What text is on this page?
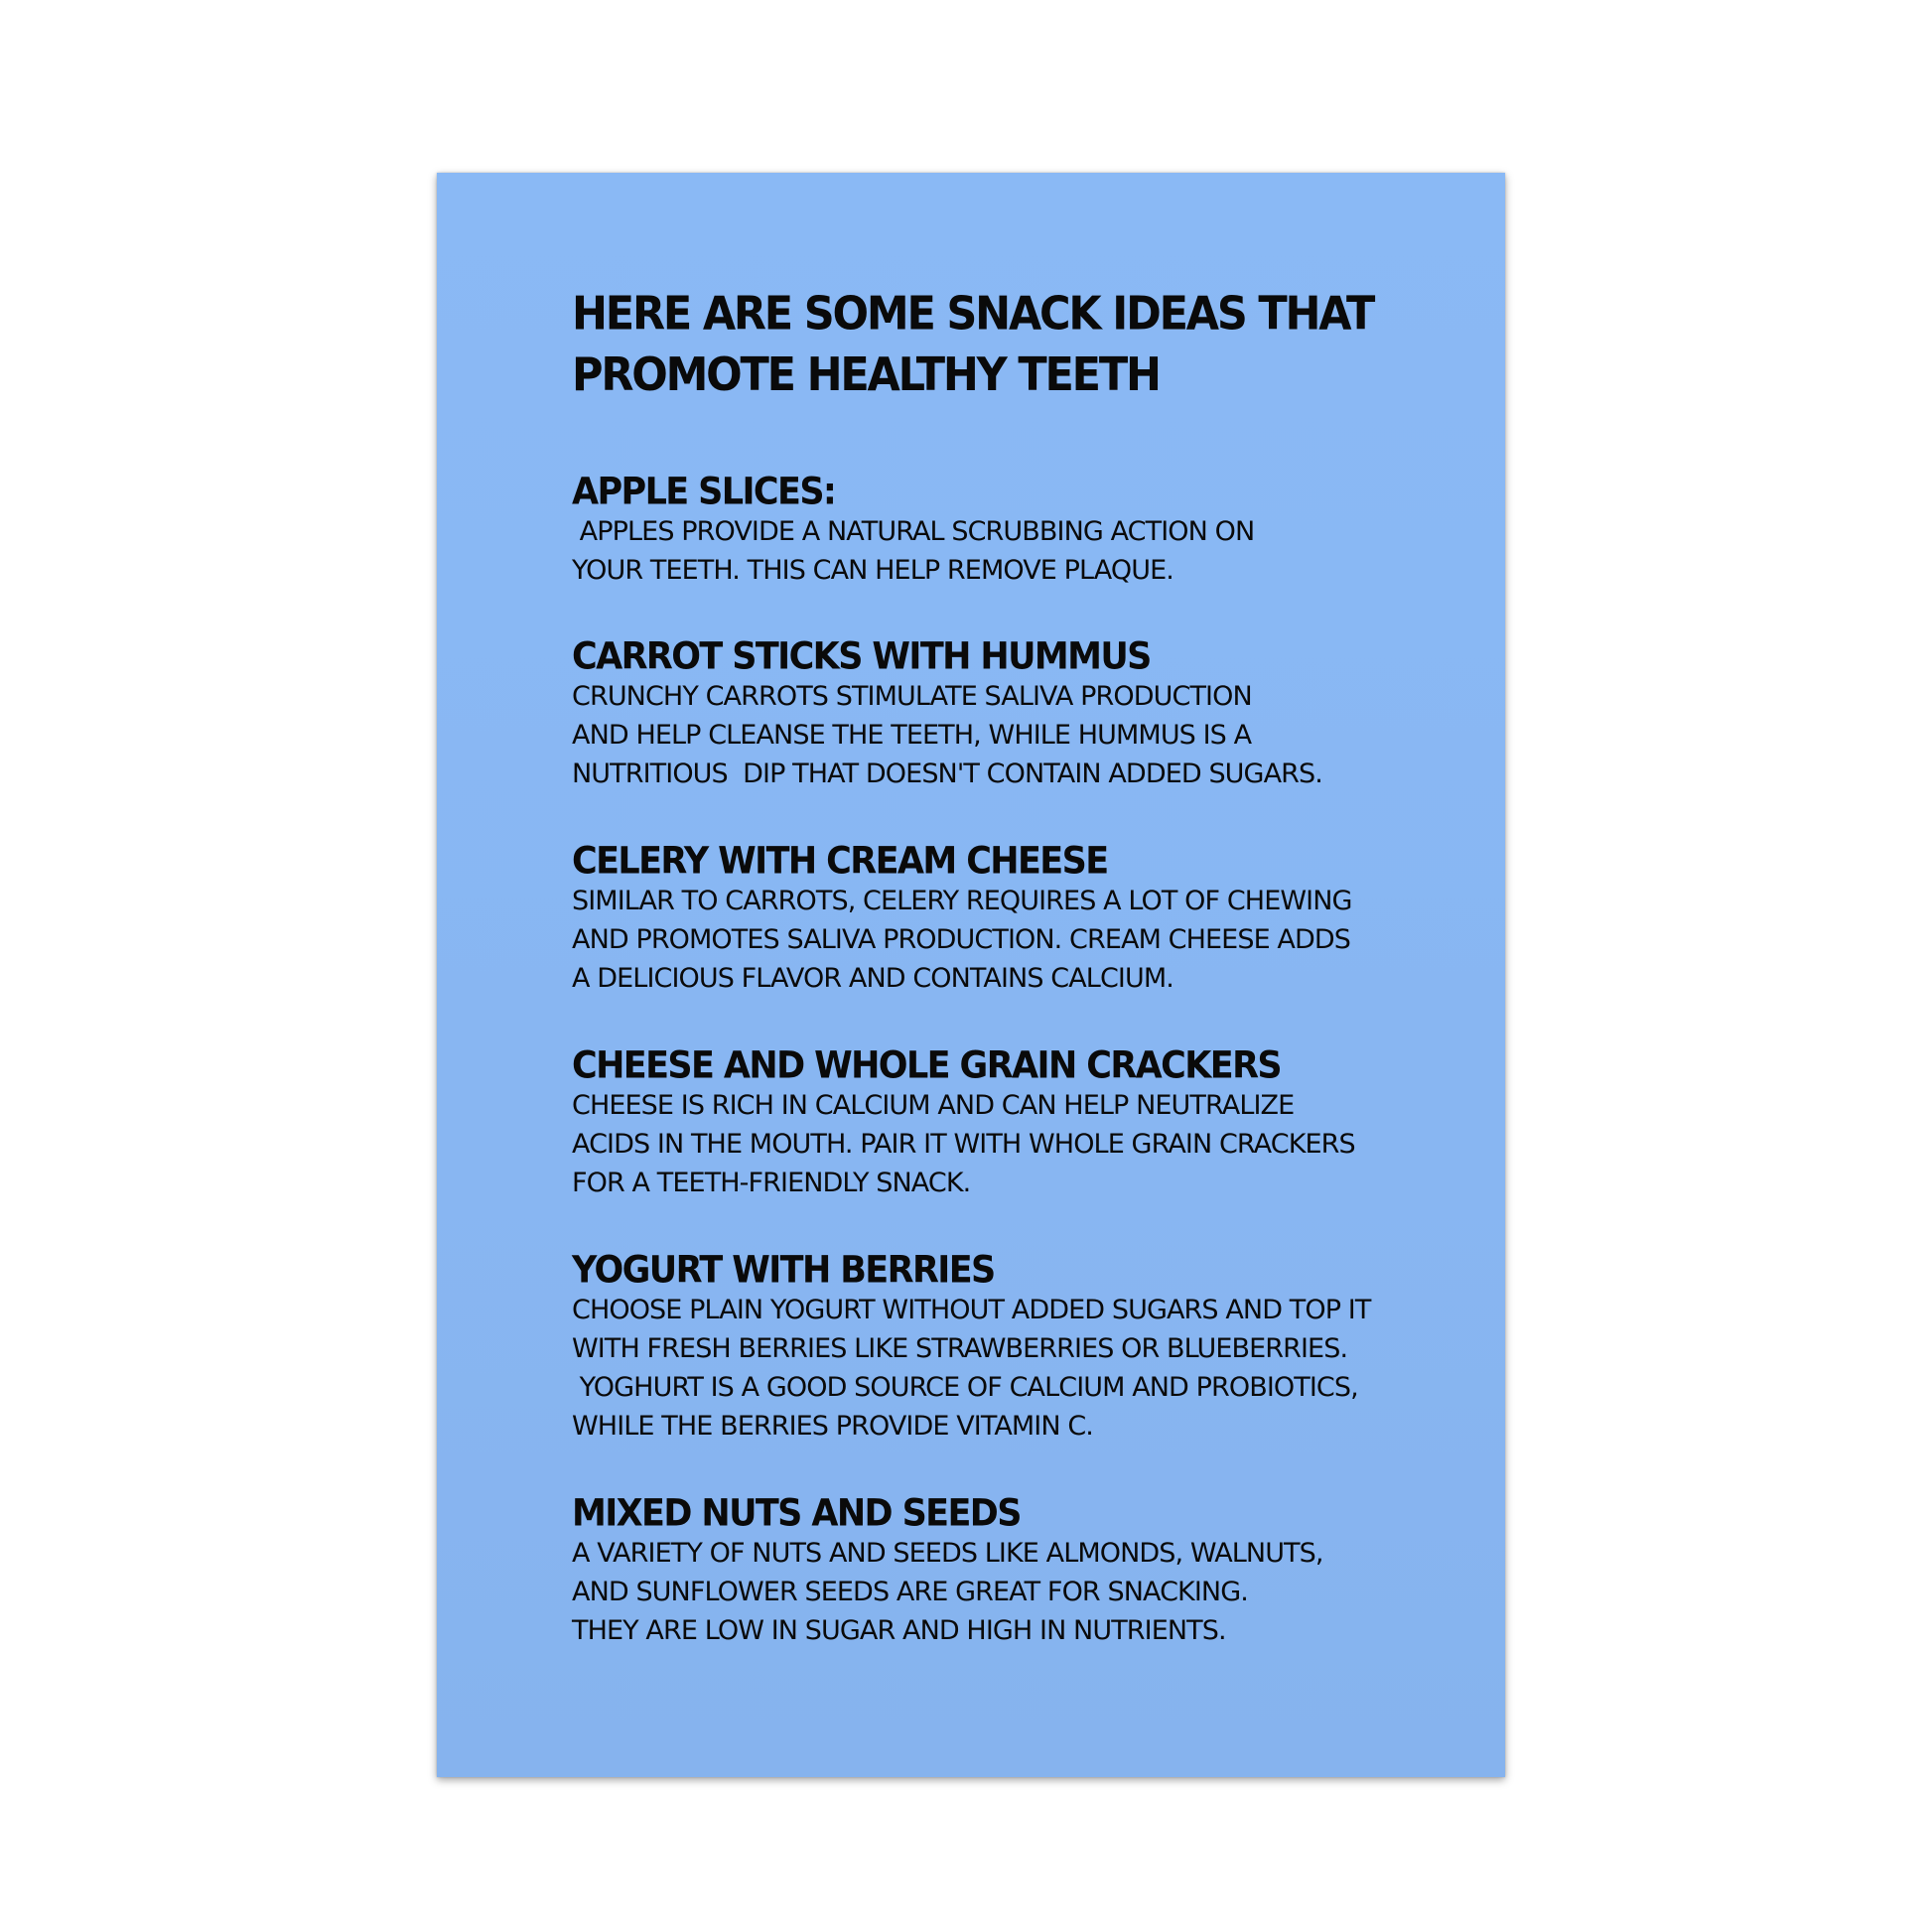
HERE ARE SOME SNACK IDEAS THAT
PROMOTE HEALTHY TEETH
APPLE SLICES:

APPLES PROVIDE A NATURAL SCRUBBING ACTION ON
YOUR TEETH. THIS CAN HELP REMOVE PLAQUE.

CARROT STICKS WITH HUMMUS

CRUNCHY CARROTS STIMULATE SALIVA PRODUCTION
AND HELP CLEANSE THE TEETH, WHILE HUMMUS IS A
NUTRITIOUS  DIP THAT DOESN'T CONTAIN ADDED SUGARS.

CELERY WITH CREAM CHEESE

SIMILAR TO CARROTS, CELERY REQUIRES A LOT OF CHEWING
AND PROMOTES SALIVA PRODUCTION. CREAM CHEESE ADDS
A DELICIOUS FLAVOR AND CONTAINS CALCIUM.

CHEESE AND WHOLE GRAIN CRACKERS

CHEESE IS RICH IN CALCIUM AND CAN HELP NEUTRALIZE
ACIDS IN THE MOUTH. PAIR IT WITH WHOLE GRAIN CRACKERS
FOR A TEETH-FRIENDLY SNACK.

YOGURT WITH BERRIES

CHOOSE PLAIN YOGURT WITHOUT ADDED SUGARS AND TOP IT
WITH FRESH BERRIES LIKE STRAWBERRIES OR BLUEBERRIES.
YOGHURT IS A GOOD SOURCE OF CALCIUM AND PROBIOTICS,
WHILE THE BERRIES PROVIDE VITAMIN C.

MIXED NUTS AND SEEDS

A VARIETY OF NUTS AND SEEDS LIKE ALMONDS, WALNUTS,
AND SUNFLOWER SEEDS ARE GREAT FOR SNACKING.
THEY ARE LOW IN SUGAR AND HIGH IN NUTRIENTS.
